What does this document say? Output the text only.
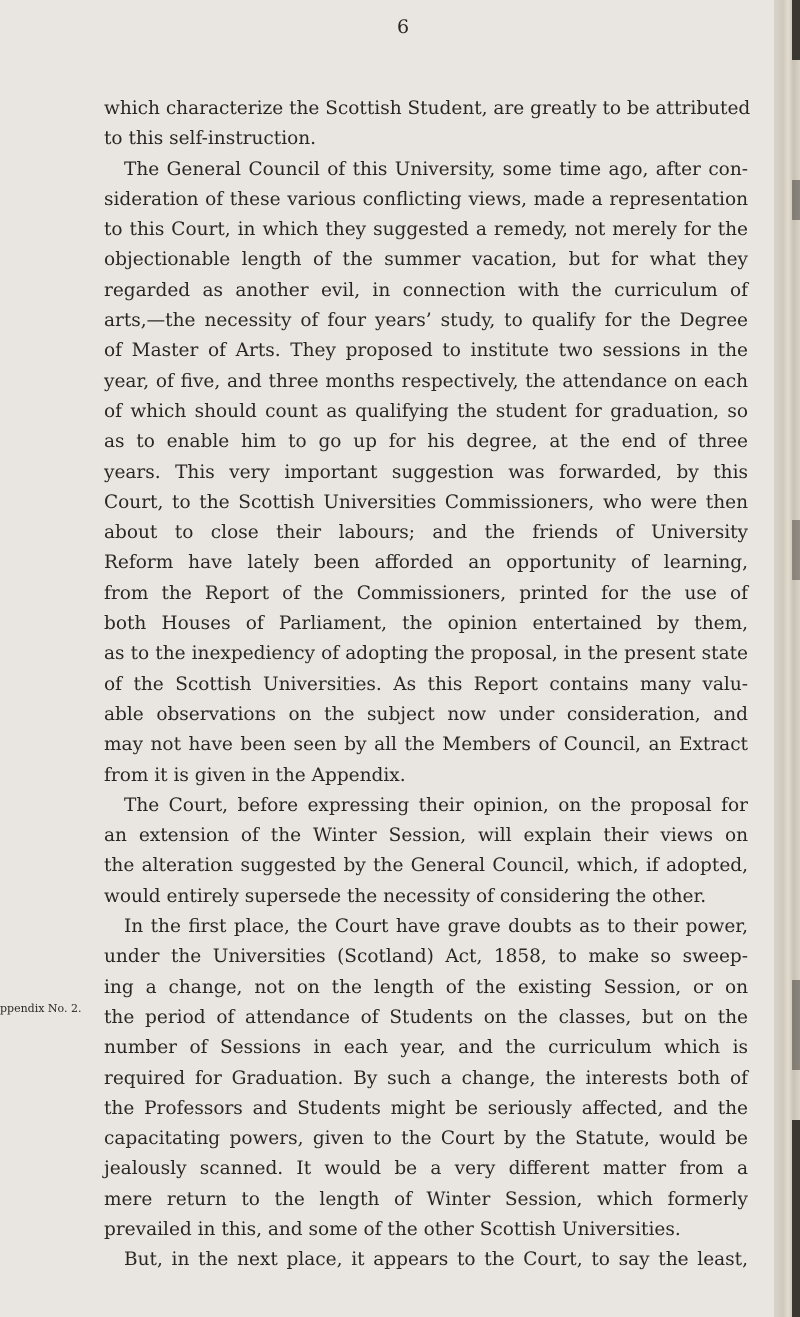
6
ppendix No. 2.
which characterize the Scottish Student, are greatly to be attributed
to this self-instruction.
The General Council of this University, some time ago, after con-
sideration of these various conflicting views, made a representation
to this Court, in which they suggested a remedy, not merely for the
objectionable length of the summer vacation, but for what they
regarded as another evil, in connection with the curriculum of
arts,—the necessity of four years’ study, to qualify for the Degree
of Master of Arts. They proposed to institute two sessions in the
year, of five, and three months respectively, the attendance on each
of which should count as qualifying the student for graduation, so
as to enable him to go up for his degree, at the end of three
years. This very important suggestion was forwarded, by this
Court, to the Scottish Universities Commissioners, who were then
about to close their labours; and the friends of University
Reform have lately been afforded an opportunity of learning,
from the Report of the Commissioners, printed for the use of
both Houses of Parliament, the opinion entertained by them,
as to the inexpediency of adopting the proposal, in the present state
of the Scottish Universities. As this Report contains many valu-
able observations on the subject now under consideration, and
may not have been seen by all the Members of Council, an Extract
from it is given in the Appendix.
The Court, before expressing their opinion, on the proposal for
an extension of the Winter Session, will explain their views on
the alteration suggested by the General Council, which, if adopted,
would entirely supersede the necessity of considering the other.
In the first place, the Court have grave doubts as to their power,
under the Universities (Scotland) Act, 1858, to make so sweep-
ing a change, not on the length of the existing Session, or on
the period of attendance of Students on the classes, but on the
number of Sessions in each year, and the curriculum which is
required for Graduation. By such a change, the interests both of
the Professors and Students might be seriously affected, and the
capacitating powers, given to the Court by the Statute, would be
jealously scanned. It would be a very different matter from a
mere return to the length of Winter Session, which formerly
prevailed in this, and some of the other Scottish Universities.
But, in the next place, it appears to the Court, to say the least,
